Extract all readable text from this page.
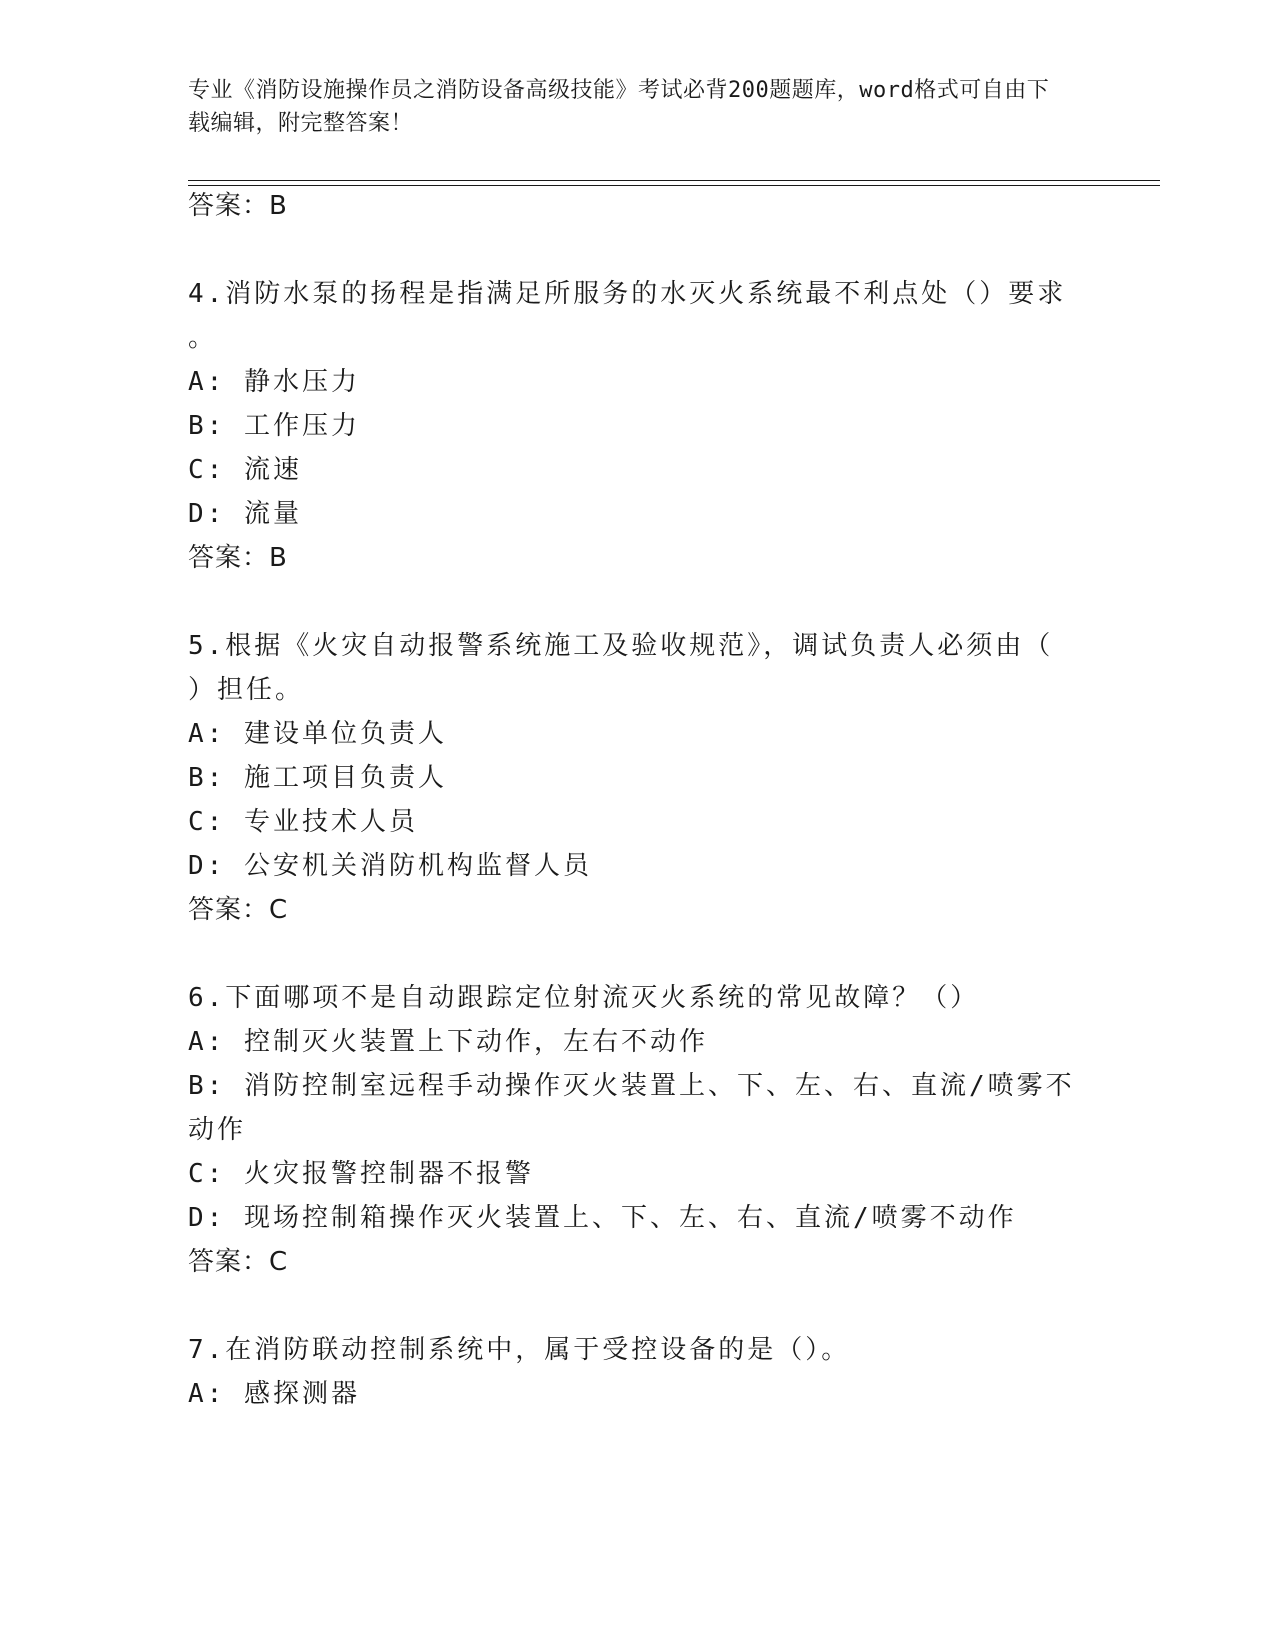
专业《消防设施操作员之消防设备高级技能》考试必背200题题库，word格式可自由下载编辑，附完整答案！
答案：B
4.消防水泵的扬程是指满足所服务的水灭火系统最不利点处（）要求
。
A: 静水压力
B: 工作压力
C: 流速
D: 流量
答案：B
5.根据《火灾自动报警系统施工及验收规范》，调试负责人必须由（
）担任。
A: 建设单位负责人
B: 施工项目负责人
C: 专业技术人员
D: 公安机关消防机构监督人员
答案：C
6.下面哪项不是自动跟踪定位射流灭火系统的常见故障？（）
A: 控制灭火装置上下动作，左右不动作
B: 消防控制室远程手动操作灭火装置上、下、左、右、直流/喷雾不
动作
C: 火灾报警控制器不报警
D: 现场控制箱操作灭火装置上、下、左、右、直流/喷雾不动作
答案：C
7.在消防联动控制系统中，属于受控设备的是（）。
A: 感探测器
